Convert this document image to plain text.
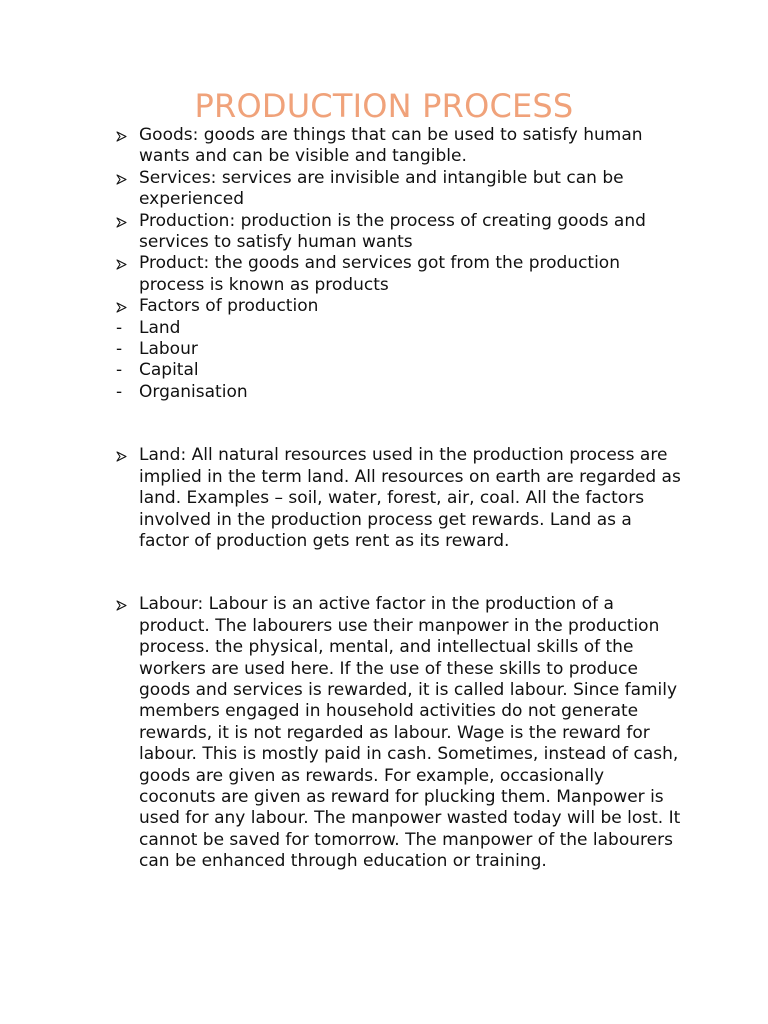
PRODUCTION PROCESS
Goods: goods are things that can be used to satisfy human wants and can be visible and tangible.
Services: services are invisible and intangible but can be experienced
Production: production is the process of creating goods and services to satisfy human wants
Product: the goods and services got from the production process is known as products
Factors of production
- Land
- Labour
- Capital
- Organisation
Land: All natural resources used in the production process are implied in the term land. All resources on earth are regarded as land. Examples – soil, water, forest, air, coal. All the factors involved in the production process get rewards. Land as a factor of production gets rent as its reward.
Labour: Labour is an active factor in the production of a product. The labourers use their manpower in the production process. the physical, mental, and intellectual skills of the workers are used here. If the use of these skills to produce goods and services is rewarded, it is called labour. Since family members engaged in household activities do not generate rewards, it is not regarded as labour. Wage is the reward for labour. This is mostly paid in cash. Sometimes, instead of cash, goods are given as rewards. For example, occasionally coconuts are given as reward for plucking them. Manpower is used for any labour. The manpower wasted today will be lost. It cannot be saved for tomorrow. The manpower of the labourers can be enhanced through education or training.
